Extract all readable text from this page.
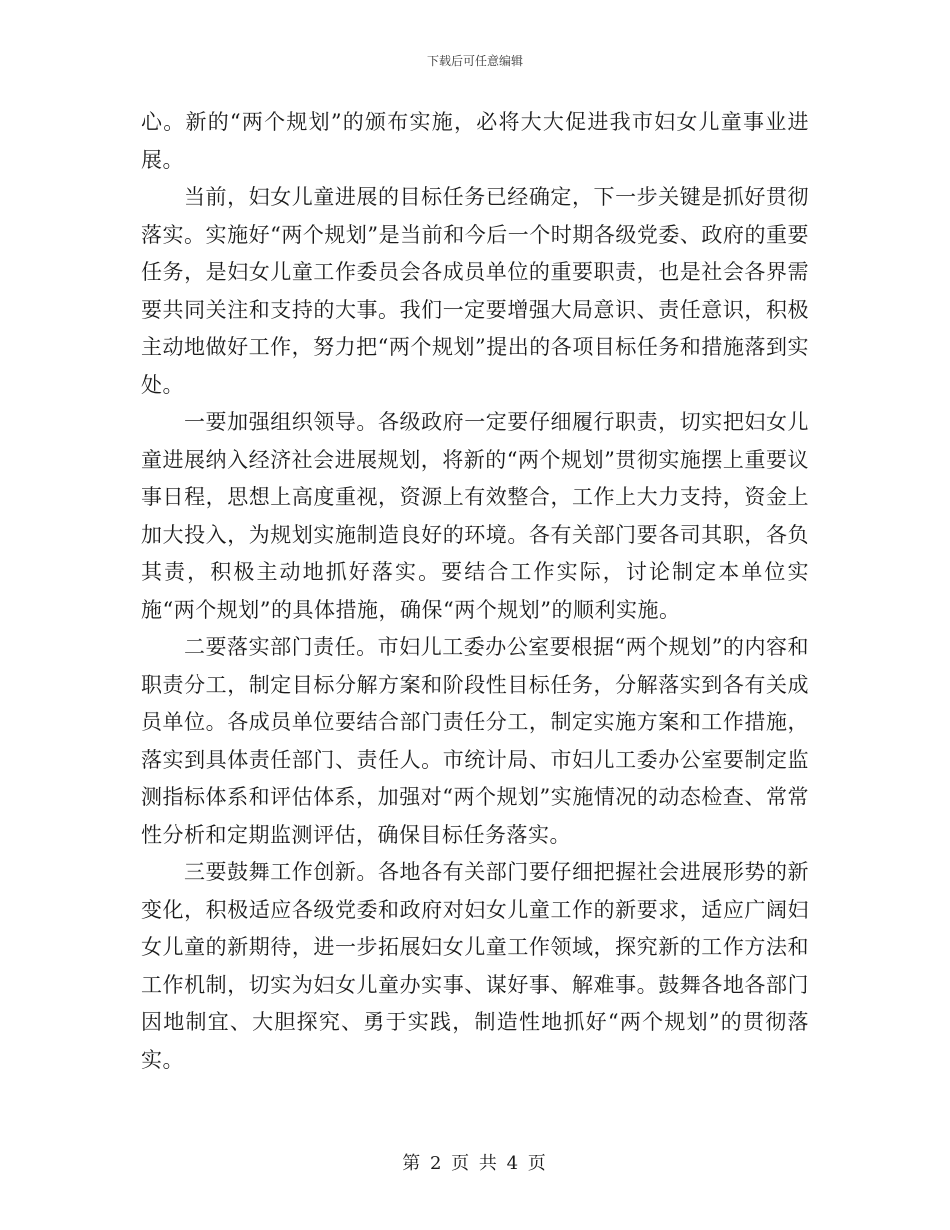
下载后可任意编辑

心。新的“两个规划”的颁布实施，必将大大促进我市妇女儿童事业进展。

当前，妇女儿童进展的目标任务已经确定，下一步关键是抓好贯彻落实。实施好“两个规划”是当前和今后一个时期各级党委、政府的重要任务，是妇女儿童工作委员会各成员单位的重要职责，也是社会各界需要共同关注和支持的大事。我们一定要增强大局意识、责任意识，积极主动地做好工作，努力把“两个规划”提出的各项目标任务和措施落到实处。

一要加强组织领导。各级政府一定要仔细履行职责，切实把妇女儿童进展纳入经济社会进展规划，将新的“两个规划”贯彻实施摆上重要议事日程，思想上高度重视，资源上有效整合，工作上大力支持，资金上加大投入，为规划实施制造良好的环境。各有关部门要各司其职，各负其责，积极主动地抓好落实。要结合工作实际，讨论制定本单位实施“两个规划”的具体措施，确保“两个规划”的顺利实施。

二要落实部门责任。市妇儿工委办公室要根据“两个规划”的内容和职责分工，制定目标分解方案和阶段性目标任务，分解落实到各有关成员单位。各成员单位要结合部门责任分工，制定实施方案和工作措施，落实到具体责任部门、责任人。市统计局、市妇儿工委办公室要制定监测指标体系和评估体系，加强对“两个规划”实施情况的动态检查、常常性分析和定期监测评估，确保目标任务落实。

三要鼓舞工作创新。各地各有关部门要仔细把握社会进展形势的新变化，积极适应各级党委和政府对妇女儿童工作的新要求，适应广阔妇女儿童的新期待，进一步拓展妇女儿童工作领域，探究新的工作方法和工作机制，切实为妇女儿童办实事、谋好事、解难事。鼓舞各地各部门因地制宜、大胆探究、勇于实践，制造性地抓好“两个规划”的贯彻落实。

第 2 页 共 4 页
